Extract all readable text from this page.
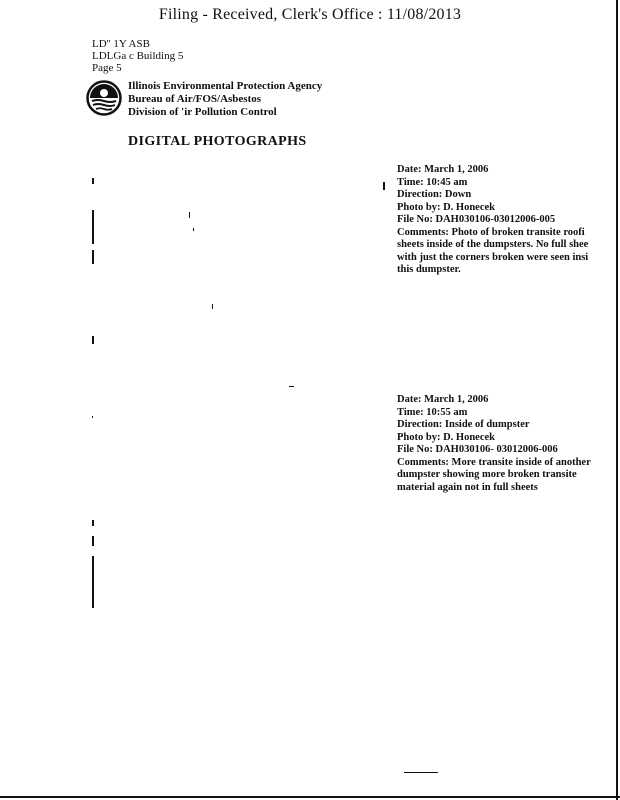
Filing - Received, Clerk's Office : 11/08/2013
LD'' 1Y ASB
LDLGa c Building 5
Page 5
Illinois Environmental Protection Agency
Bureau of Air/FOS/Asbestos
Division of 'ir Pollution Control
DIGITAL PHOTOGRAPHS
Date: March 1, 2006
Time: 10:45 am
Direction: Down
Photo by: D. Honecek
File No: DAH030106-03012006-005
Comments: Photo of broken transite roofi sheets inside of the dumpsters. No full shee with just the corners broken were seen insi this dumpster.
Date: March 1, 2006
Time: 10:55 am
Direction: Inside of dumpster
Photo by: D. Honecek
File No: DAH030106- 03012006-006
Comments: More transite inside of another dumpster showing more broken transite material again not in full sheets
